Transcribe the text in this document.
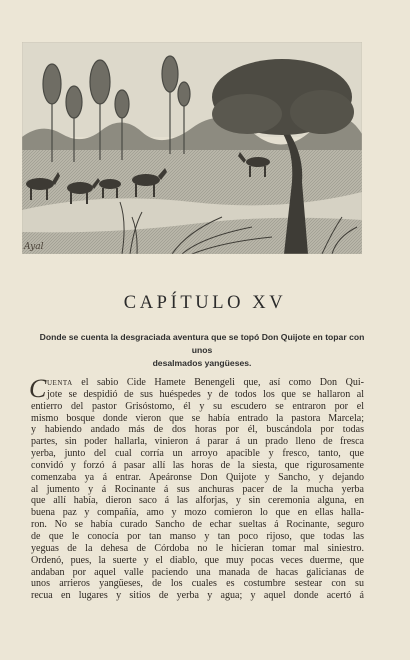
Ayal
CAPÍTULO XV
Donde se cuenta la desgraciada aventura que se topó Don Quijote en topar con unos
desalmados yangüeses.
C uenta el sabio Cide Hamete Benengeli que, así como Don Qui-
jote se despidió de sus huéspedes y de todos los que se hallaron al
entierro del pastor Grisóstomo, él y su escudero se entraron por el
mismo bosque donde vieron que se había entrado la pastora Marcela;
y habiendo andado más de dos horas por él, buscándola por todas
partes, sin poder hallarla, vinieron á parar á un prado lleno de fresca
yerba, junto del cual corría un arroyo apacible y fresco, tanto, que
convidó y forzó á pasar allí las horas de la siesta, que rigurosamente
comenzaba ya á entrar. Apeáronse Don Quijote y Sancho, y dejando
al jumento y á Rocinante á sus anchuras pacer de la mucha yerba
que allí había, dieron saco á las alforjas, y sin ceremonia alguna, en
buena paz y compañía, amo y mozo comieron lo que en ellas halla-
ron. No se había curado Sancho de echar sueltas á Rocinante, seguro
de que le conocía por tan manso y tan poco rijoso, que todas las
yeguas de la dehesa de Córdoba no le hicieran tomar mal siniestro.
Ordenó, pues, la suerte y el diablo, que muy pocas veces duerme, que
andaban por aquel valle paciendo una manada de hacas galicianas de
unos arrieros yangüeses, de los cuales es costumbre sestear con su
recua en lugares y sitios de yerba y agua; y aquel donde acertó á
